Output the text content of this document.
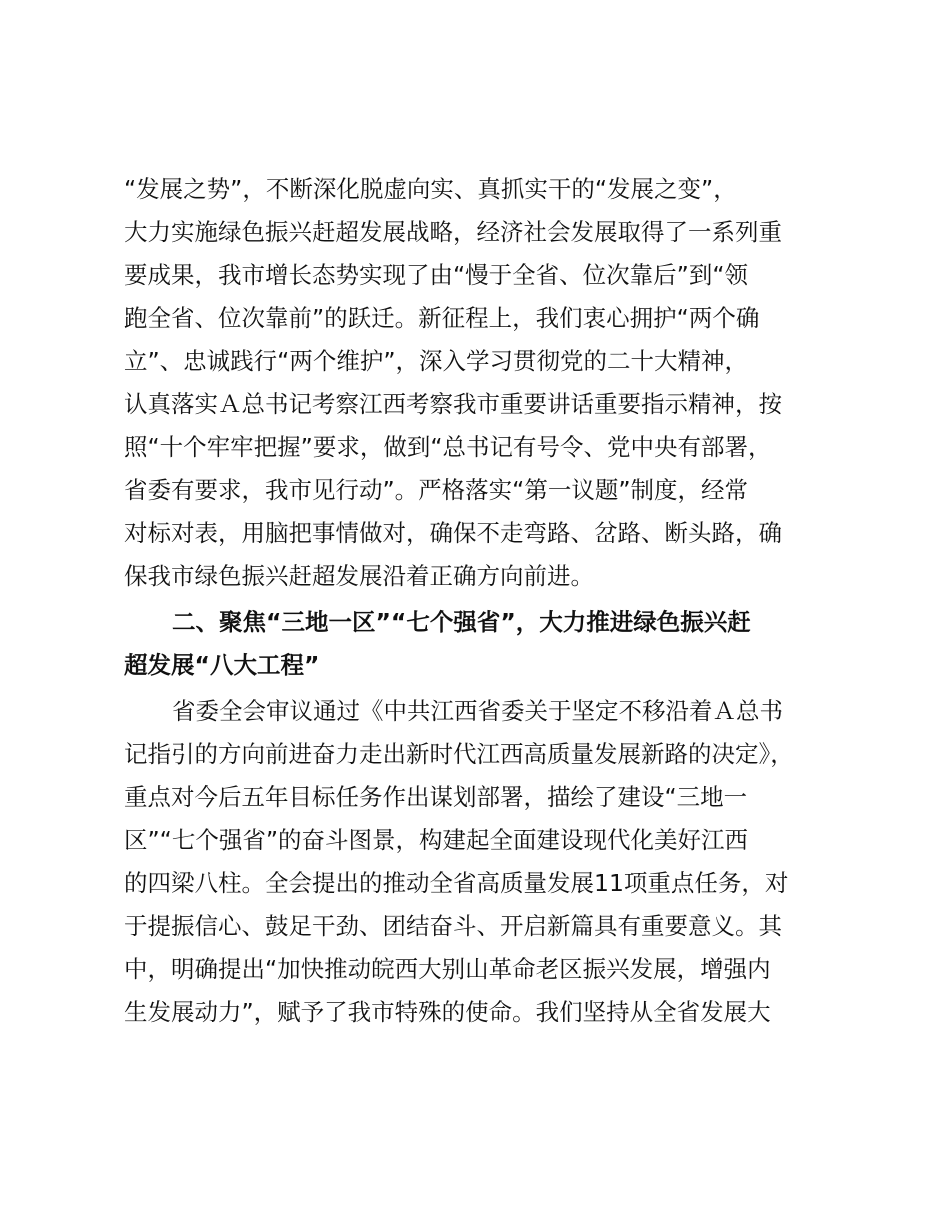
“发展之势”，不断深化脱虚向实、真抓实干的“发展之变”，
大力实施绿色振兴赶超发展战略，经济社会发展取得了一系列重
要成果，我市增长态势实现了由“慢于全省、位次靠后”到“领
跑全省、位次靠前”的跃迁。新征程上，我们衷心拥护“两个确
立”、忠诚践行“两个维护”，深入学习贯彻党的二十大精神，
认真落实Ａ总书记考察江西考察我市重要讲话重要指示精神，按
照“十个牢牢把握”要求，做到“总书记有号令、党中央有部署，
省委有要求，我市见行动”。严格落实“第一议题”制度，经常
对标对表，用脑把事情做对，确保不走弯路、岔路、断头路，确
保我市绿色振兴赶超发展沿着正确方向前进。
二、聚焦“三地一区”“七个强省”，大力推进绿色振兴赶
超发展“八大工程”
省委全会审议通过《中共江西省委关于坚定不移沿着Ａ总书
记指引的方向前进奋力走出新时代江西高质量发展新路的决定》，
重点对今后五年目标任务作出谋划部署，描绘了建设“三地一
区”“七个强省”的奋斗图景，构建起全面建设现代化美好江西
的四梁八柱。全会提出的推动全省高质量发展11项重点任务，对
于提振信心、鼓足干劲、团结奋斗、开启新篇具有重要意义。其
中，明确提出“加快推动皖西大别山革命老区振兴发展，增强内
生发展动力”，赋予了我市特殊的使命。我们坚持从全省发展大
